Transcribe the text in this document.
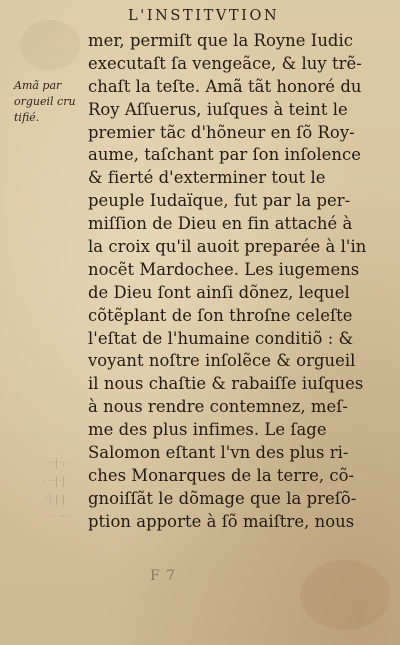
L'INSTITVTION
Amã par
orgueil cru
tifié.
·:·|··
·|·|·· ·
·|·|·|·
··· ·
mer, permiſt que la Royne Iudic
executaſt ſa vengeãce, & luy trẽ-
chaſt la teſte. Amã tãt honoré du
Roy Aſſuerus, iuſques à teint le
premier tãc d'hõneur en ſõ Roy-
aume, taſchant par ſon inſolence
& fierté d'exterminer tout le
peuple Iudaïque, fut par la per-
miſſion de Dieu en fin attaché à
la croix qu'il auoit preparée à l'in
nocẽt Mardochee. Les iugemens
de Dieu ſont ainſi dõnez, lequel
cõtẽplant de ſon throſne celeſte
l'eſtat de l'humaine conditiõ : &
voyant noſtre inſolẽce & orgueil
il nous chaſtie & rabaiſſe iuſques
à nous rendre contemnez, meſ-
me des plus infimes. Le ſage
Salomon eſtant l'vn des plus ri-
ches Monarques de la terre, cõ-
gnoiſſãt le dõmage que la preſõ-
ption apporte à ſõ maiſtre, nous
F 7
